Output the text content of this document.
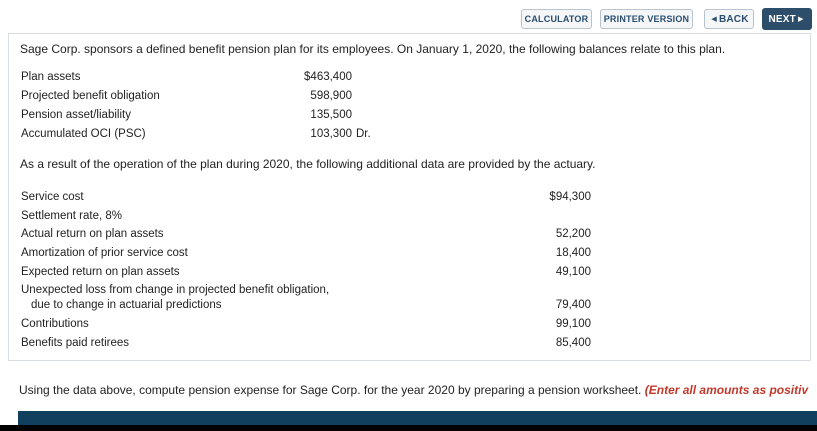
CALCULATOR PRINTER VERSION	◀ BACK NEXT ▶
Sage Corp. sponsors a defined benefit pension plan for its employees. On January 1, 2020, the following balances relate to this plan.
Plan assets	$463,400
Projected benefit obligation	598,900
Pension asset/liability	135,500
Accumulated OCI (PSC)	103,300 Dr.
As a result of the operation of the plan during 2020, the following additional data are provided by the actuary.
Service cost	$94,300
Settlement rate, 8%
Actual return on plan assets	52,200
Amortization of prior service cost	18,400
Expected return on plan assets	49,100
Unexpected loss from change in projected benefit obligation,
due to change in actuarial predictions	79,400
Contributions	99,100
Benefits paid retirees	85,400
Using the data above, compute pension expense for Sage Corp. for the year 2020 by preparing a pension worksheet. (Enter all amounts as positiv
